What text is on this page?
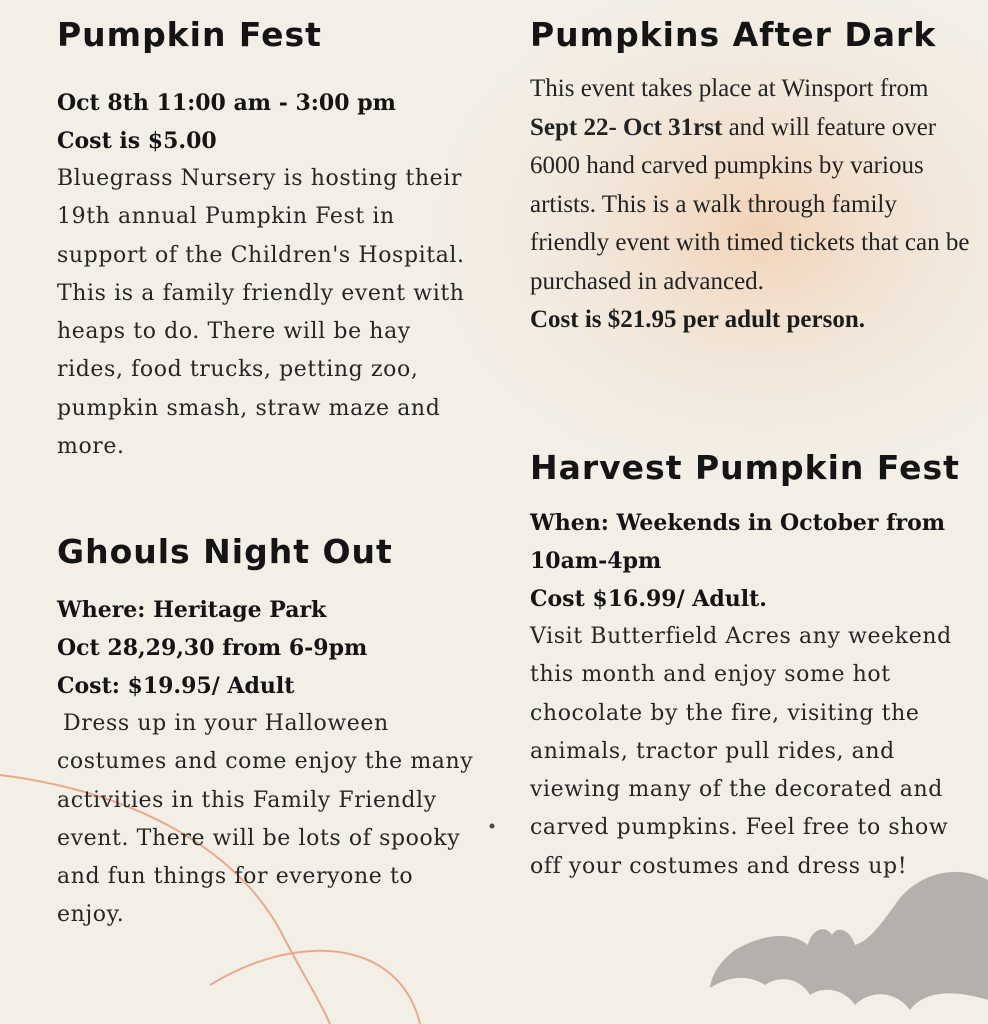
Pumpkin Fest

Oct 8th 11:00 am - 3:00 pm

Cost is $5.00

Bluegrass Nursery is hosting their 19th annual Pumpkin Fest in support of the Children's Hospital. This is a family friendly event with heaps to do. There will be hay rides, food trucks, petting zoo, pumpkin smash, straw maze and more.

Ghouls Night Out

Where: Heritage Park

Oct 28,29,30 from 6-9pm

Cost: $19.95/ Adult

Dress up in your Halloween costumes and come enjoy the many activities in this Family Friendly event. There will be lots of spooky and fun things for everyone to enjoy.

Pumpkins After Dark

This event takes place at Winsport from Sept 22- Oct 31rst and will feature over 6000 hand carved pumpkins by various artists. This is a walk through family friendly event with timed tickets that can be purchased in advanced.

Cost is $21.95 per adult person.

Harvest Pumpkin Fest

When: Weekends in October from 10am-4pm

Cost $16.99/ Adult.

Visit Butterfield Acres any weekend this month and enjoy some hot chocolate by the fire, visiting the animals, tractor pull rides, and viewing many of the decorated and carved pumpkins. Feel free to show off your costumes and dress up!
